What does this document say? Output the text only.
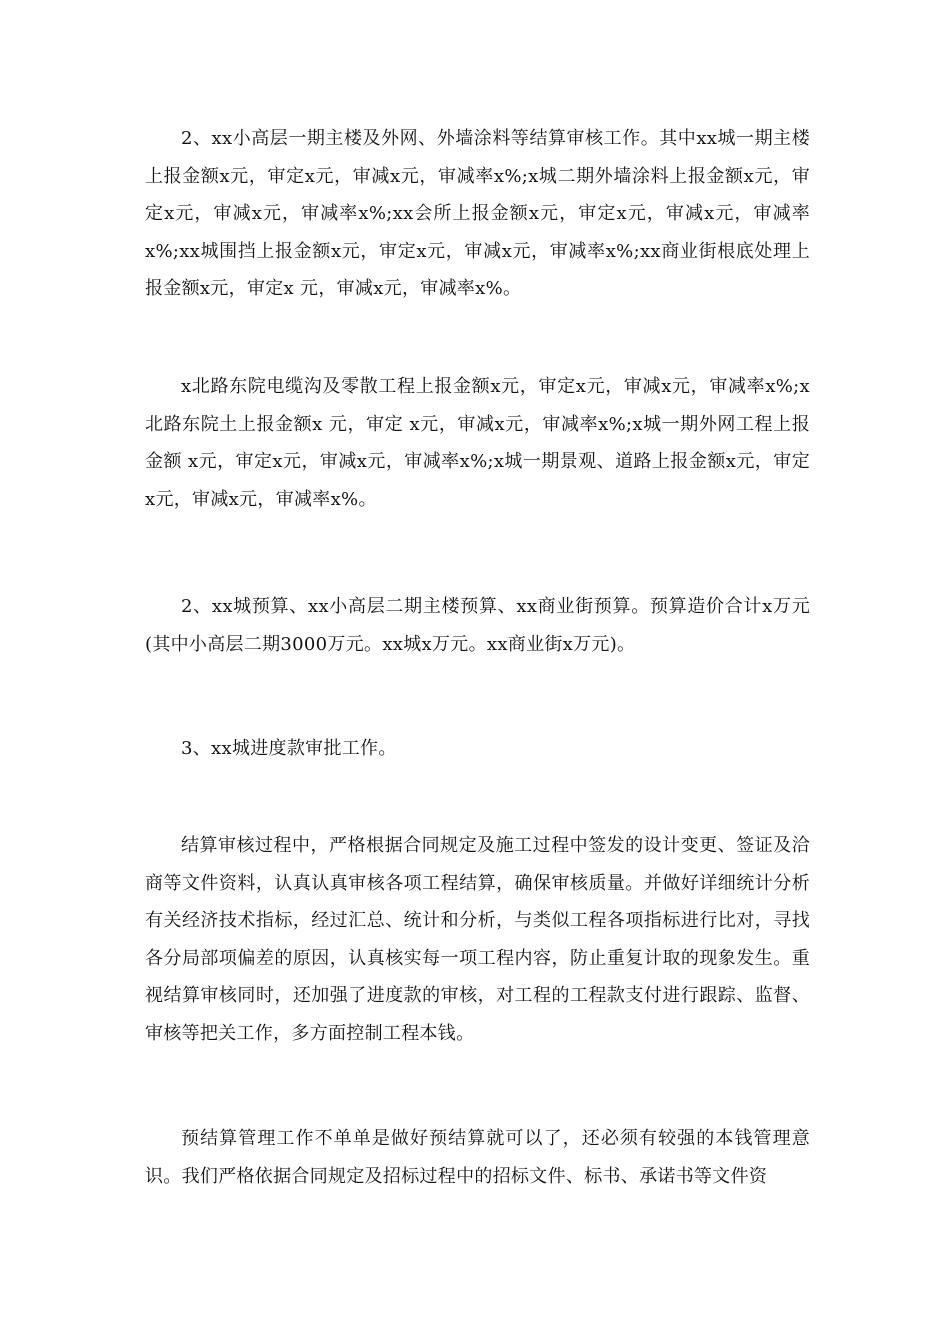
2、xx小高层一期主楼及外网、外墙涂料等结算审核工作。其中xx城一期主楼上报金额x元，审定x元，审减x元，审减率x%;x城二期外墙涂料上报金额x元，审定x元，审减x元，审减率x%;xx会所上报金额x元，审定x元，审减x元，审减率x%;xx城围挡上报金额x元，审定x元，审减x元，审减率x%;xx商业街根底处理上报金额x元，审定x 元，审减x元，审减率x%。

x北路东院电缆沟及零散工程上报金额x元，审定x元，审减x元，审减率x%;x北路东院土上报金额x 元，审定 x元，审减x元，审减率x%;x城一期外网工程上报金额 x元，审定x元，审减x元，审减率x%;x城一期景观、道路上报金额x元，审定x元，审减x元，审减率x%。

2、xx城预算、xx小高层二期主楼预算、xx商业街预算。预算造价合计x万元(其中小高层二期3000万元。xx城x万元。xx商业街x万元)。

3、xx城进度款审批工作。

结算审核过程中，严格根据合同规定及施工过程中签发的设计变更、签证及洽商等文件资料，认真认真审核各项工程结算，确保审核质量。并做好详细统计分析有关经济技术指标，经过汇总、统计和分析，与类似工程各项指标进行比对，寻找各分局部项偏差的原因，认真核实每一项工程内容，防止重复计取的现象发生。重视结算审核同时，还加强了进度款的审核，对工程的工程款支付进行跟踪、监督、审核等把关工作，多方面控制工程本钱。

预结算管理工作不单单是做好预结算就可以了，还必须有较强的本钱管理意识。我们严格依据合同规定及招标过程中的招标文件、标书、承诺书等文件资
